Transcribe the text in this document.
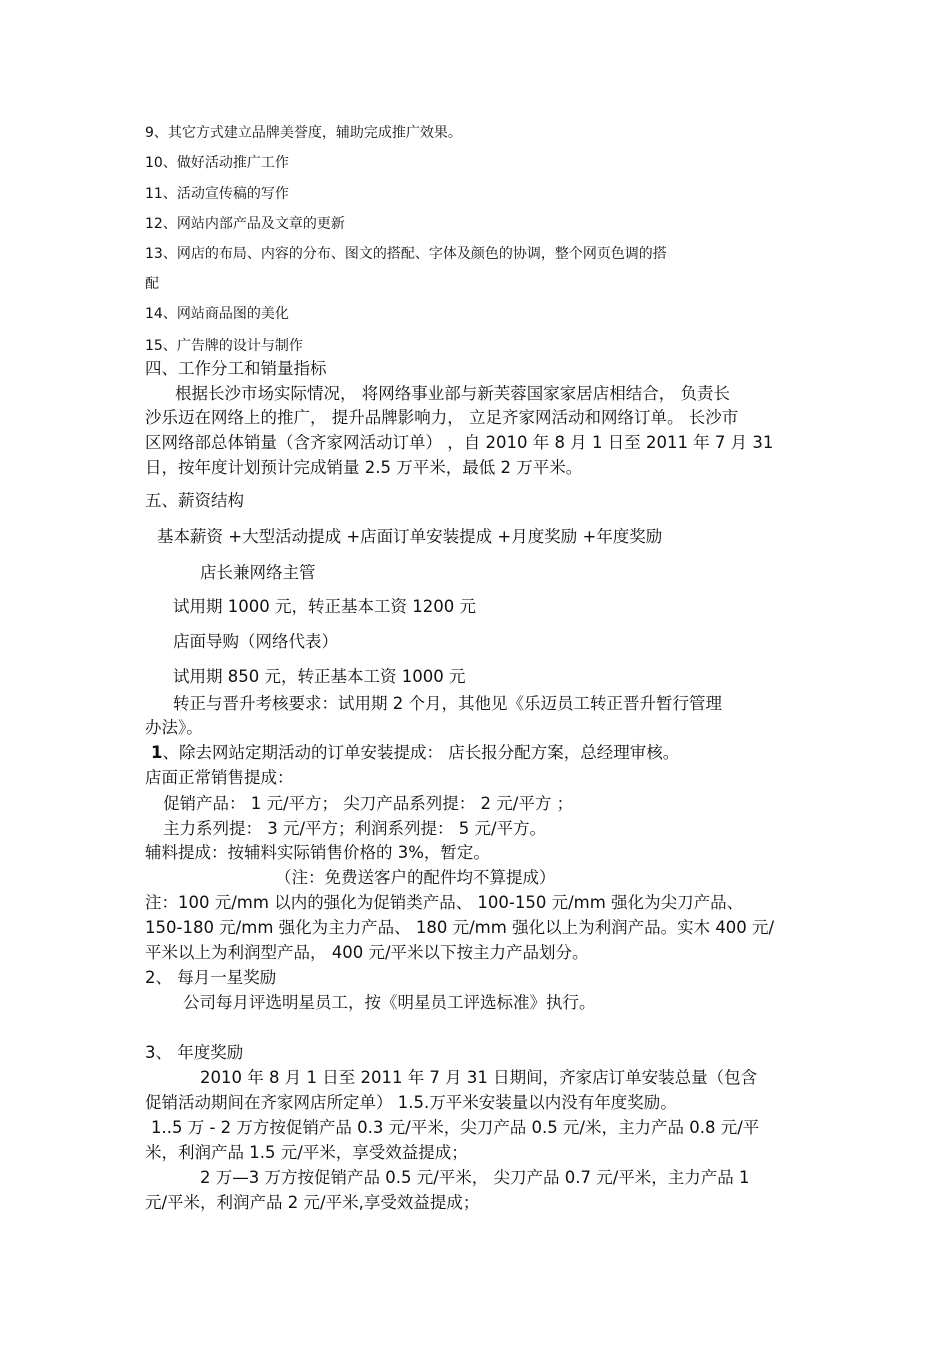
9、其它方式建立品牌美誉度，辅助完成推广效果。
10、做好活动推广工作
11、活动宣传稿的写作
12、网站内部产品及文章的更新
13、网店的布局、内容的分布、图文的搭配、字体及颜色的协调，整个网页色调的搭
配
14、网站商品图的美化
15、广告牌的设计与制作
四、工作分工和销量指标
根据长沙市场实际情况， 将网络事业部与新芙蓉国家家居店相结合， 负责长
沙乐迈在网络上的推广， 提升品牌影响力， 立足齐家网活动和网络订单。 长沙市
区网络部总体销量（含齐家网活动订单） ，自 2010 年 8 月 1 日至 2011 年 7 月 31
日，按年度计划预计完成销量 2.5 万平米，最低 2 万平米。
五、薪资结构
基本薪资 +大型活动提成 +店面订单安装提成 +月度奖励 +年度奖励
店长兼网络主管
试用期 1000 元，转正基本工资 1200 元
店面导购（网络代表）
试用期 850 元，转正基本工资 1000 元
转正与晋升考核要求：试用期 2 个月，其他见《乐迈员工转正晋升暂行管理
办法》。
1、除去网站定期活动的订单安装提成： 店长报分配方案，总经理审核。
店面正常销售提成：
促销产品： 1 元/平方； 尖刀产品系列提： 2 元/平方 ；
主力系列提： 3 元/平方；利润系列提： 5 元/平方。
辅料提成：按辅料实际销售价格的 3%，暂定。
（注：免费送客户的配件均不算提成）
注：100 元/mm 以内的强化为促销类产品、 100-150 元/mm 强化为尖刀产品、
150-180 元/mm 强化为主力产品、 180 元/mm 强化以上为利润产品。实木 400 元/
平米以上为利润型产品， 400 元/平米以下按主力产品划分。
2、 每月一星奖励
公司每月评选明星员工，按《明星员工评选标准》执行。
3、 年度奖励
2010 年 8 月 1 日至 2011 年 7 月 31 日期间，齐家店订单安装总量（包含
促销活动期间在齐家网店所定单） 1.5.万平米安装量以内没有年度奖励。
1..5 万 - 2 万方按促销产品 0.3 元/平米，尖刀产品 0.5 元/米，主力产品 0.8 元/平
米，利润产品 1.5 元/平米，享受效益提成；
2 万—3 万方按促销产品 0.5 元/平米， 尖刀产品 0.7 元/平米，主力产品 1
元/平米，利润产品 2 元/平米,享受效益提成；
